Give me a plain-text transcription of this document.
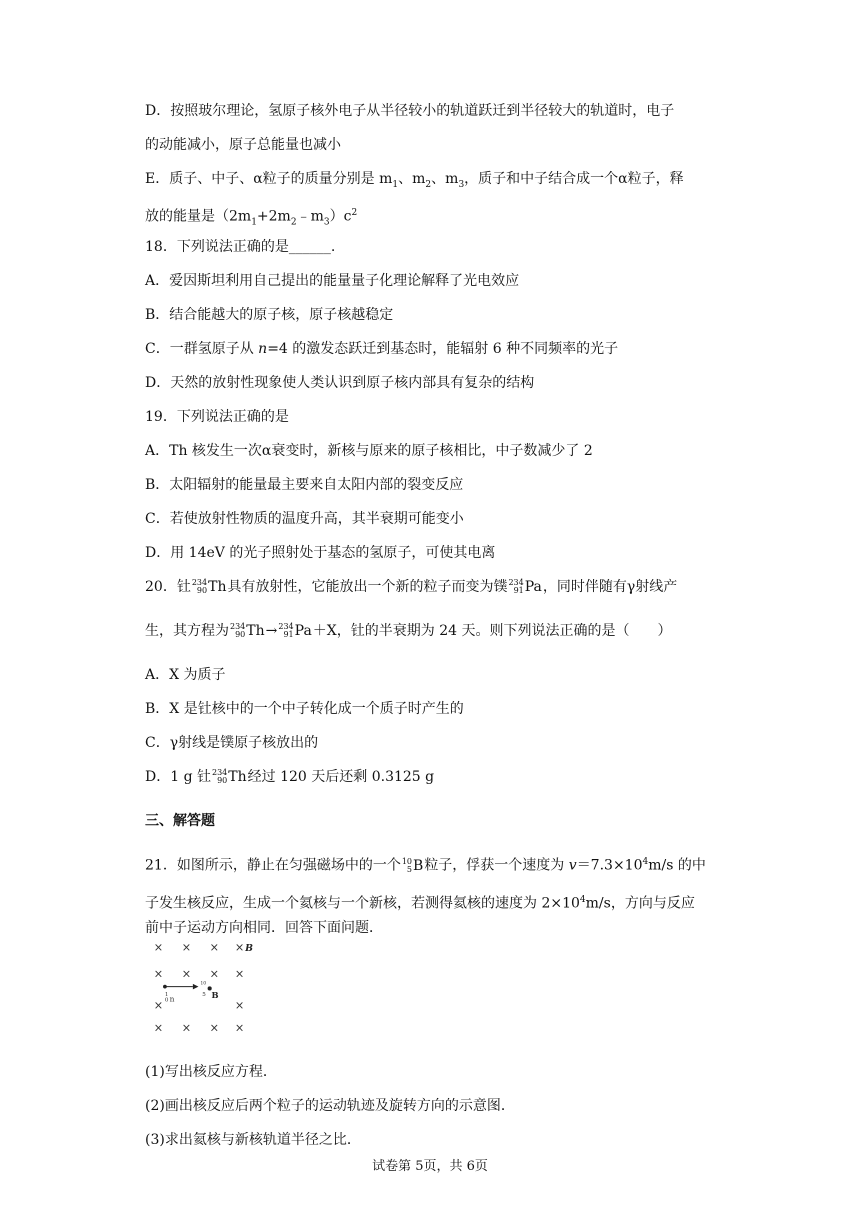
D．按照玻尔理论，氢原子核外电子从半径较小的轨道跃迁到半径较大的轨道时，电子
的动能减小，原子总能量也减小
E．质子、中子、α粒子的质量分别是 $m_1$、$m_2$、$m_3$，质子和中子结合成一个α粒子，释
放的能量是$(2m_1+2m_2﹣m_3)c^2$
18．下列说法正确的是______.
A．爱因斯坦利用自己提出的能量量子化理论解释了光电效应
B．结合能越大的原子核，原子核越稳定
C．一群氢原子从 n=4 的激发态跃迁到基态时，能辐射 6 种不同频率的光子
D．天然的放射性现象使人类认识到原子核内部具有复杂的结构
19．下列说法正确的是
A．Th 核发生一次α衰变时，新核与原来的原子核相比，中子数减少了 2
B．太阳辐射的能量最主要来自太阳内部的裂变反应
C．若使放射性物质的温度升高，其半衰期可能变小
D．用 14eV 的光子照射处于基态的氢原子，可使其电离
20．钍 234
90 Th 具有放射性，它能放出一个新的粒子而变为镤 234
91 Pa ，同时伴随有γ射线产
生，其方程为 234
90 Th → 234
91 Pa ＋X，钍的半衰期为 24 天。则下列说法正确的是（　　）
A．X 为质子
B．X 是钍核中的一个中子转化成一个质子时产生的
C．γ射线是镤原子核放出的
D．1 g 钍 234
90 Th 经过 120 天后还剩 0.3125 g
三、解答题
21．如图所示，静止在匀强磁场中的一个 10
5 B 粒子，俘获一个速度为 $v=7.3\times 10^4m/s$ 的中
子发生核反应，生成一个氦核与一个新核，若测得氦核的速度为 $2\times 10^4m/s$，方向与反应
前中子运动方向相同．回答下面问题．
× × × ×
× × × ×
×	×
× × × ×
B
1
0 n
10
5 B
(1)写出核反应方程．
(2)画出核反应后两个粒子的运动轨迹及旋转方向的示意图．
(3)求出氦核与新核轨道半径之比．
试卷第 5页，共 6页
